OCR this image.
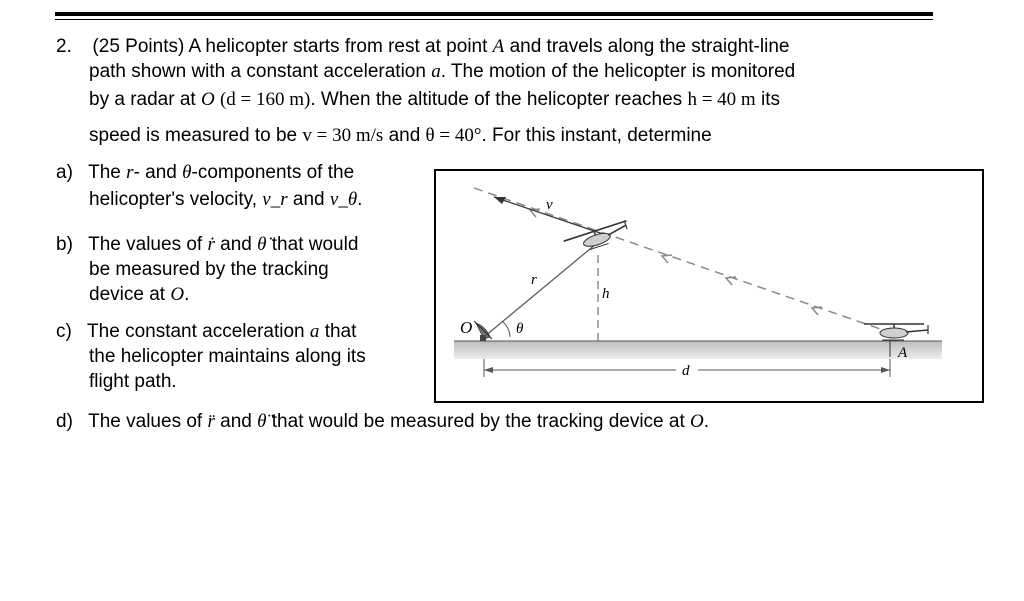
2. (25 Points) A helicopter starts from rest at point A and travels along the straight-line
path shown with a constant acceleration a. The motion of the helicopter is monitored
by a radar at O (d = 160 m). When the altitude of the helicopter reaches h = 40 m its
speed is measured to be v = 30 m/s and θ = 40°. For this instant, determine
a) The r- and θ-components of the
helicopter's velocity, v_r and v_θ.
b) The values of ṙ and θ̇ that would
be measured by the tracking
device at O.
c) The constant acceleration a that
the helicopter maintains along its
flight path.
d) The values of r̈ and θ̈ that would be measured by the tracking device at O.
v
r
h
θ
O
A
d
